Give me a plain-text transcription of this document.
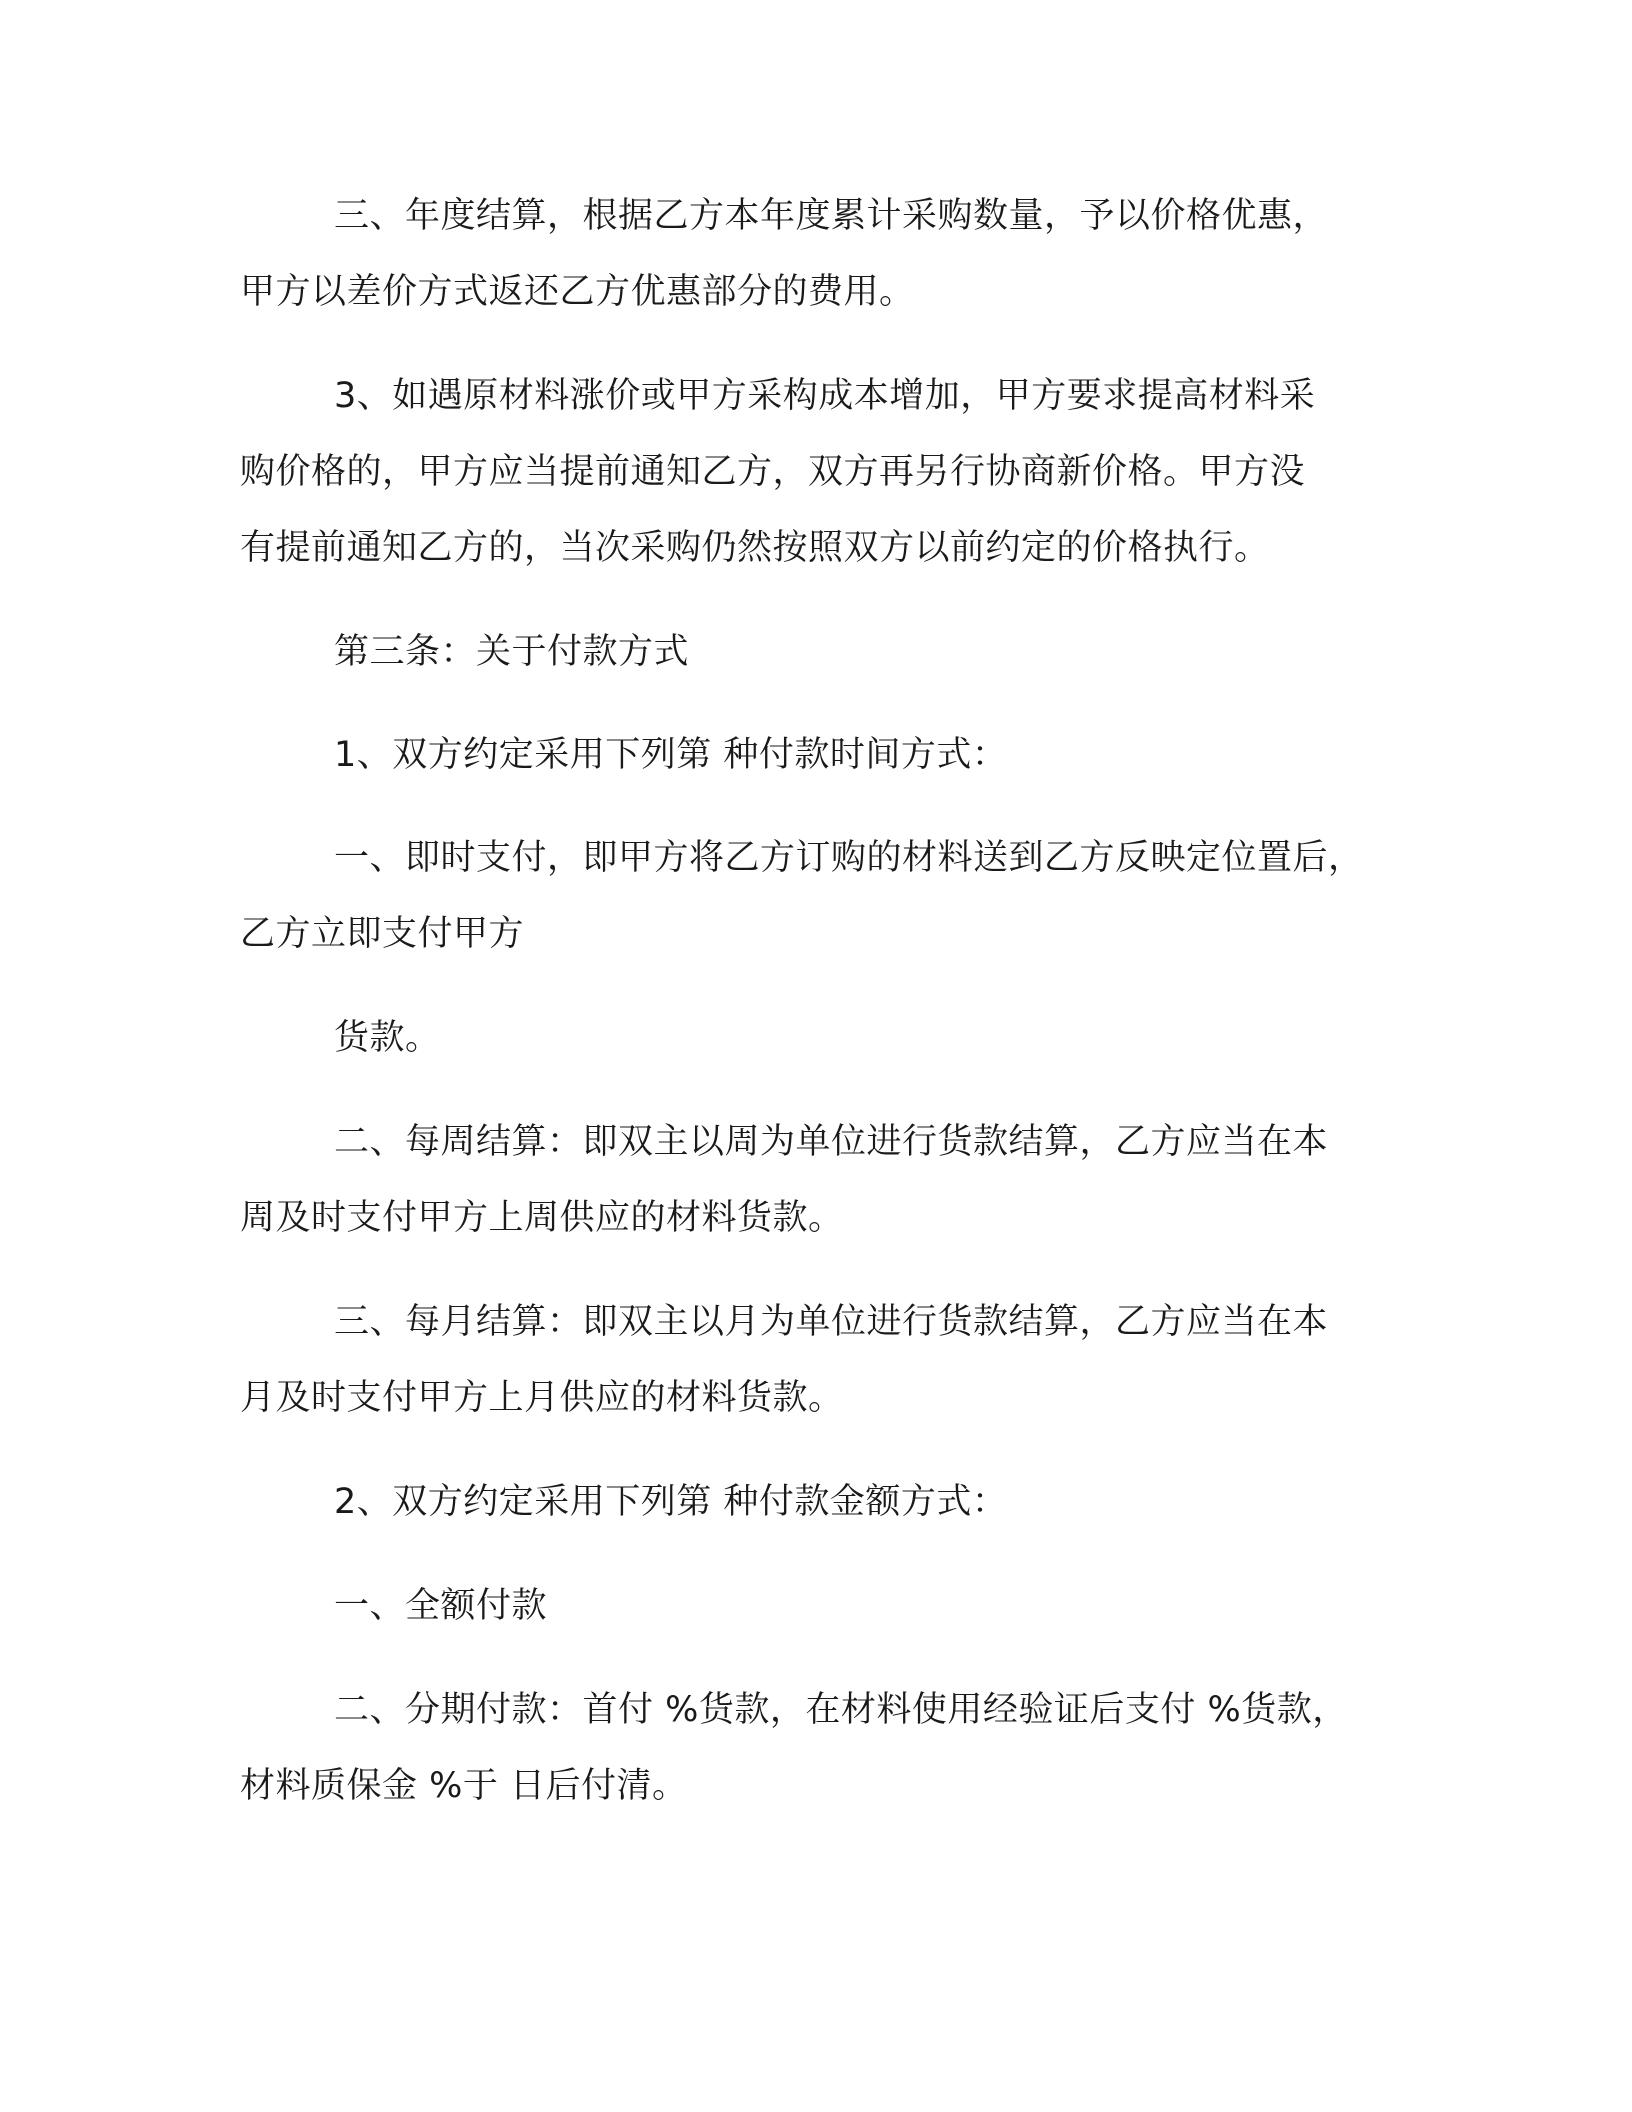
三、年度结算，根据乙方本年度累计采购数量，予以价格优惠，
甲方以差价方式返还乙方优惠部分的费用。
3、如遇原材料涨价或甲方采构成本增加，甲方要求提高材料采
购价格的，甲方应当提前通知乙方，双方再另行协商新价格。甲方没
有提前通知乙方的，当次采购仍然按照双方以前约定的价格执行。
第三条：关于付款方式
1、双方约定采用下列第 种付款时间方式：
一、即时支付，即甲方将乙方订购的材料送到乙方反映定位置后，
乙方立即支付甲方
货款。
二、每周结算：即双主以周为单位进行货款结算，乙方应当在本
周及时支付甲方上周供应的材料货款。
三、每月结算：即双主以月为单位进行货款结算，乙方应当在本
月及时支付甲方上月供应的材料货款。
2、双方约定采用下列第 种付款金额方式：
一、全额付款
二、分期付款：首付 %货款，在材料使用经验证后支付 %货款，
材料质保金 %于 日后付清。
